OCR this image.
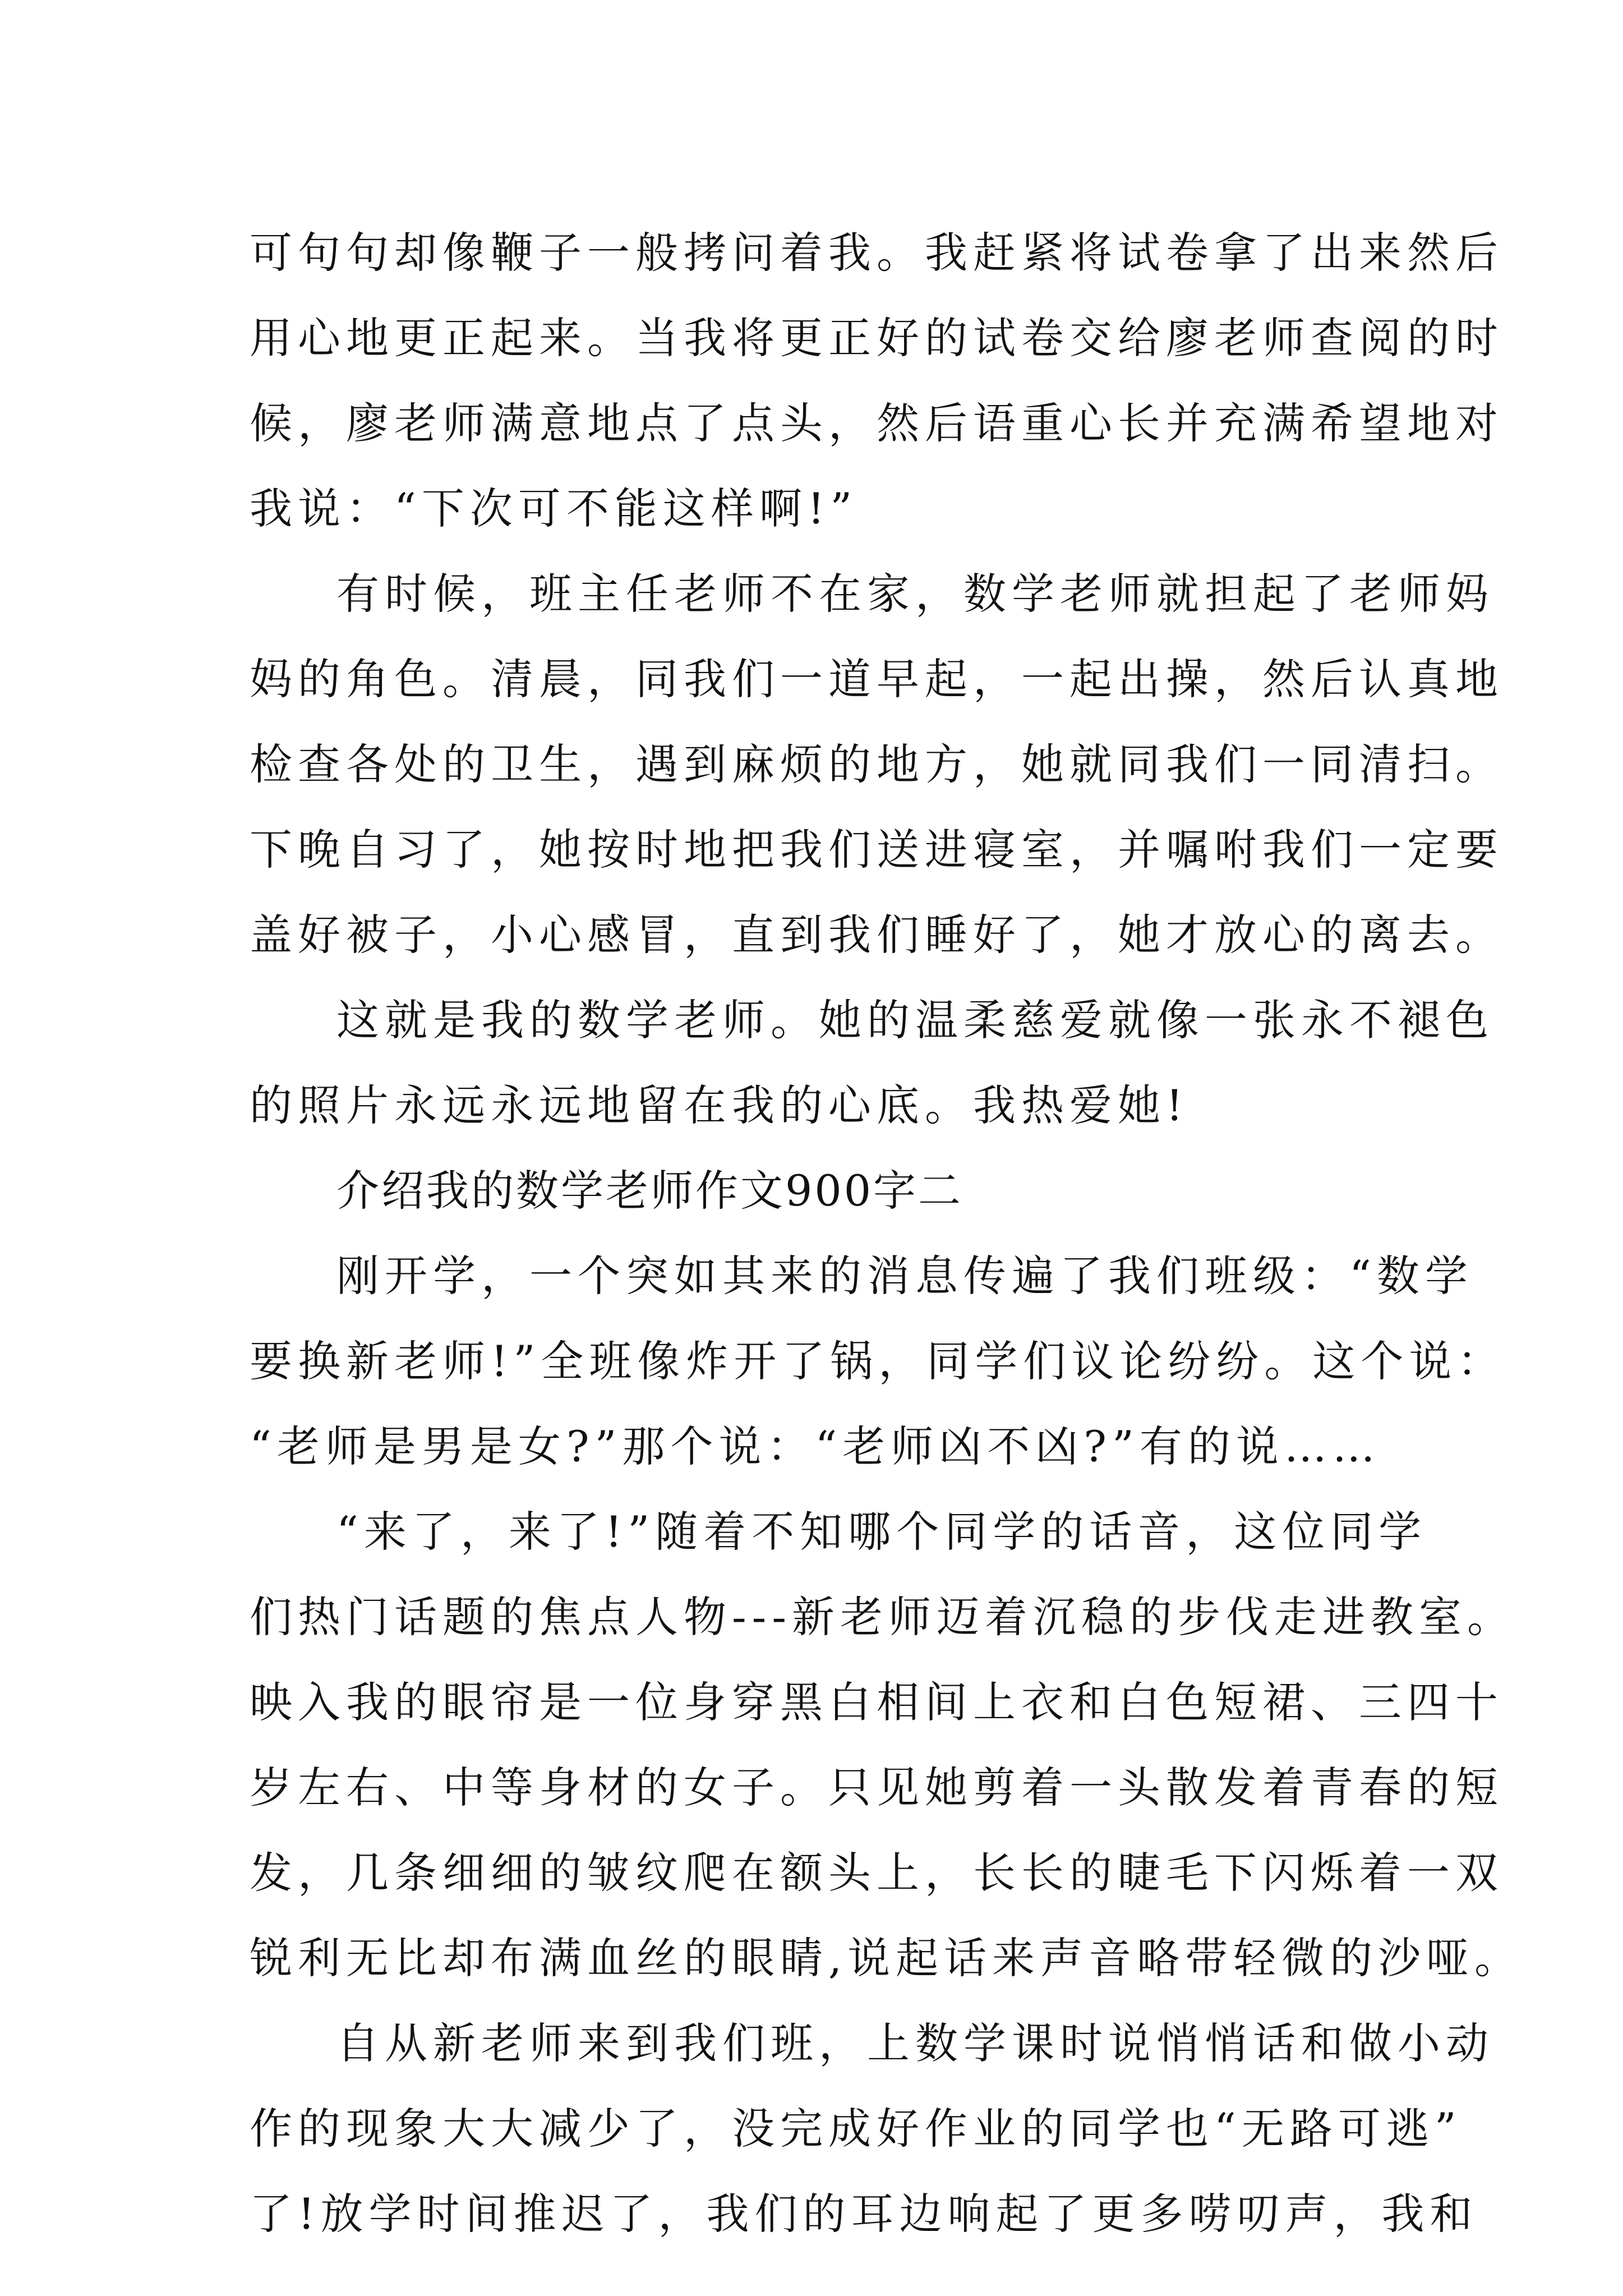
可句句却像鞭子一般拷问着我。我赶紧将试卷拿了出来然后
用心地更正起来。当我将更正好的试卷交给廖老师查阅的时
候，廖老师满意地点了点头，然后语重心长并充满希望地对
我说：“下次可不能这样啊!”
有时候，班主任老师不在家，数学老师就担起了老师妈
妈的角色。清晨，同我们一道早起，一起出操，然后认真地
检查各处的卫生，遇到麻烦的地方，她就同我们一同清扫。
下晚自习了，她按时地把我们送进寝室，并嘱咐我们一定要
盖好被子，小心感冒，直到我们睡好了，她才放心的离去。
这就是我的数学老师。她的温柔慈爱就像一张永不褪色
的照片永远永远地留在我的心底。我热爱她!
介绍我的数学老师作文900字二
刚开学，一个突如其来的消息传遍了我们班级：“数学
要换新老师!”全班像炸开了锅，同学们议论纷纷。这个说：
“老师是男是女?”那个说：“老师凶不凶?”有的说……
“来了，来了!”随着不知哪个同学的话音，这位同学
们热门话题的焦点人物---新老师迈着沉稳的步伐走进教室。
映入我的眼帘是一位身穿黑白相间上衣和白色短裙、三四十
岁左右、中等身材的女子。只见她剪着一头散发着青春的短
发，几条细细的皱纹爬在额头上，长长的睫毛下闪烁着一双
锐利无比却布满血丝的眼睛,说起话来声音略带轻微的沙哑。
自从新老师来到我们班，上数学课时说悄悄话和做小动
作的现象大大减少了，没完成好作业的同学也“无路可逃”
了!放学时间推迟了，我们的耳边响起了更多唠叨声，我和
